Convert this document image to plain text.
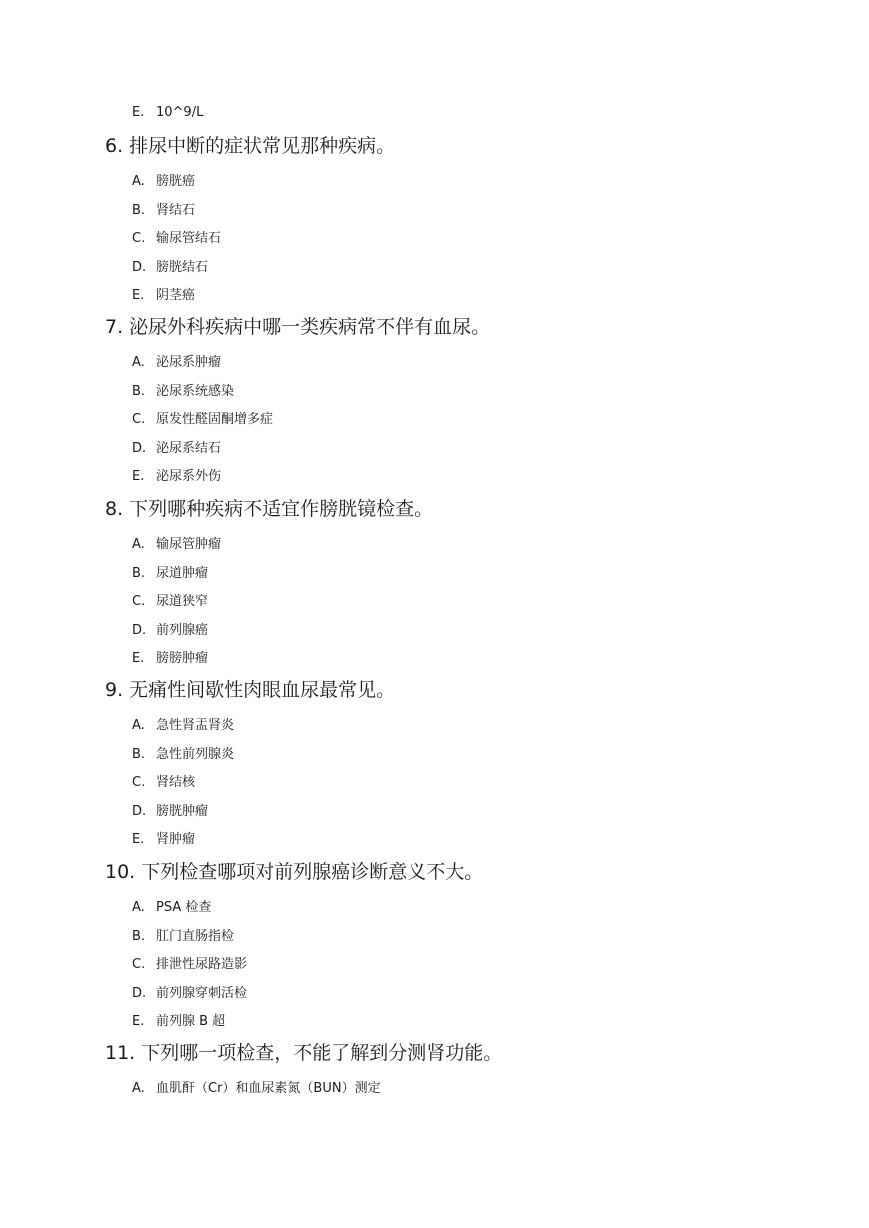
E. 10^9/L
6. 排尿中断的症状常见那种疾病。
A. 膀胱癌
B. 肾结石
C. 输尿管结石
D. 膀胱结石
E. 阴茎癌
7. 泌尿外科疾病中哪一类疾病常不伴有血尿。
A. 泌尿系肿瘤
B. 泌尿系统感染
C. 原发性醛固酮增多症
D. 泌尿系结石
E. 泌尿系外伤
8. 下列哪种疾病不适宜作膀胱镜检查。
A. 输尿管肿瘤
B. 尿道肿瘤
C. 尿道狭窄
D. 前列腺癌
E. 膀膀肿瘤
9. 无痛性间歇性肉眼血尿最常见。
A. 急性肾盂肾炎
B. 急性前列腺炎
C. 肾结核
D. 膀胱肿瘤
E. 肾肿瘤
10. 下列检查哪项对前列腺癌诊断意义不大。
A. PSA 检查
B. 肛门直肠指检
C. 排泄性尿路造影
D. 前列腺穿刺活检
E. 前列腺 B 超
11. 下列哪一项检查，不能了解到分测肾功能。
A. 血肌酐（Cr）和血尿素氮（BUN）测定
